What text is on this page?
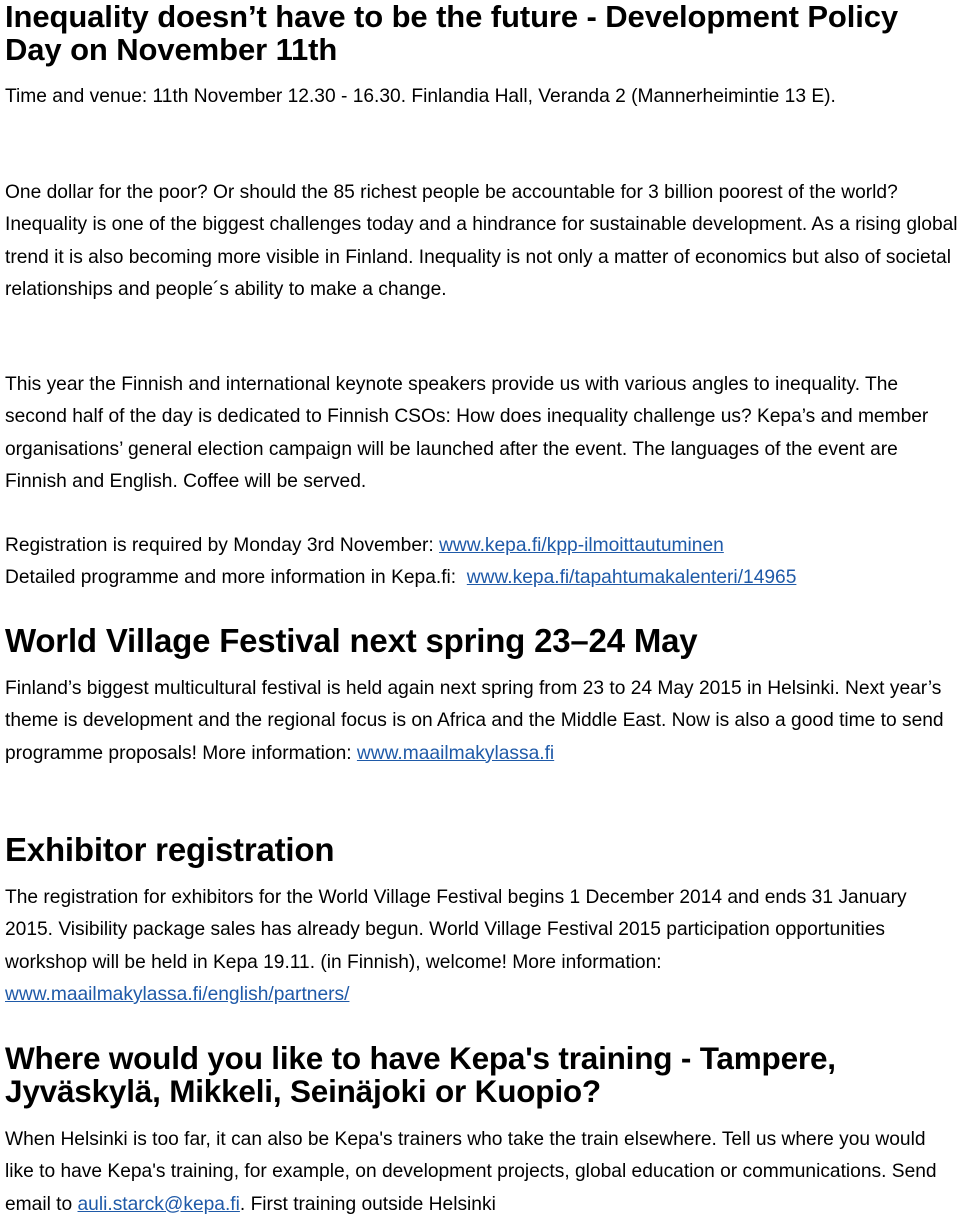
Inequality doesn’t have to be the future - Development Policy Day on November 11th

Time and venue: 11th November 12.30 - 16.30. Finlandia Hall, Veranda 2 (Mannerheimintie 13 E).

One dollar for the poor? Or should the 85 richest people be accountable for 3 billion poorest of the world? Inequality is one of the biggest challenges today and a hindrance for sustainable development. As a rising global trend it is also becoming more visible in Finland. Inequality is not only a matter of economics but also of societal relationships and people´s ability to make a change.

This year the Finnish and international keynote speakers provide us with various angles to inequality. The second half of the day is dedicated to Finnish CSOs: How does inequality challenge us? Kepa’s and member organisations’ general election campaign will be launched after the event. The languages of the event are Finnish and English. Coffee will be served.

Registration is required by Monday 3rd November: www.kepa.fi/kpp-ilmoittautuminen

Detailed programme and more information in Kepa.fi:  www.kepa.fi/tapahtumakalenteri/14965

World Village Festival next spring 23–24 May

Finland’s biggest multicultural festival is held again next spring from 23 to 24 May 2015 in Helsinki. Next year’s theme is development and the regional focus is on Africa and the Middle East. Now is also a good time to send programme proposals! More information: www.maailmakylassa.fi

Exhibitor registration

The registration for exhibitors for the World Village Festival begins 1 December 2014 and ends 31 January 2015. Visibility package sales has already begun. World Village Festival 2015 participation opportunities workshop will be held in Kepa 19.11. (in Finnish), welcome! More information: www.maailmakylassa.fi/english/partners/

Where would you like to have Kepa's training - Tampere, Jyväskylä, Mikkeli, Seinäjoki or Kuopio?

When Helsinki is too far, it can also be Kepa's trainers who take the train elsewhere. Tell us where you would like to have Kepa's training, for example, on development projects, global education or communications. Send email to auli.starck@kepa.fi. First training outside Helsinki
